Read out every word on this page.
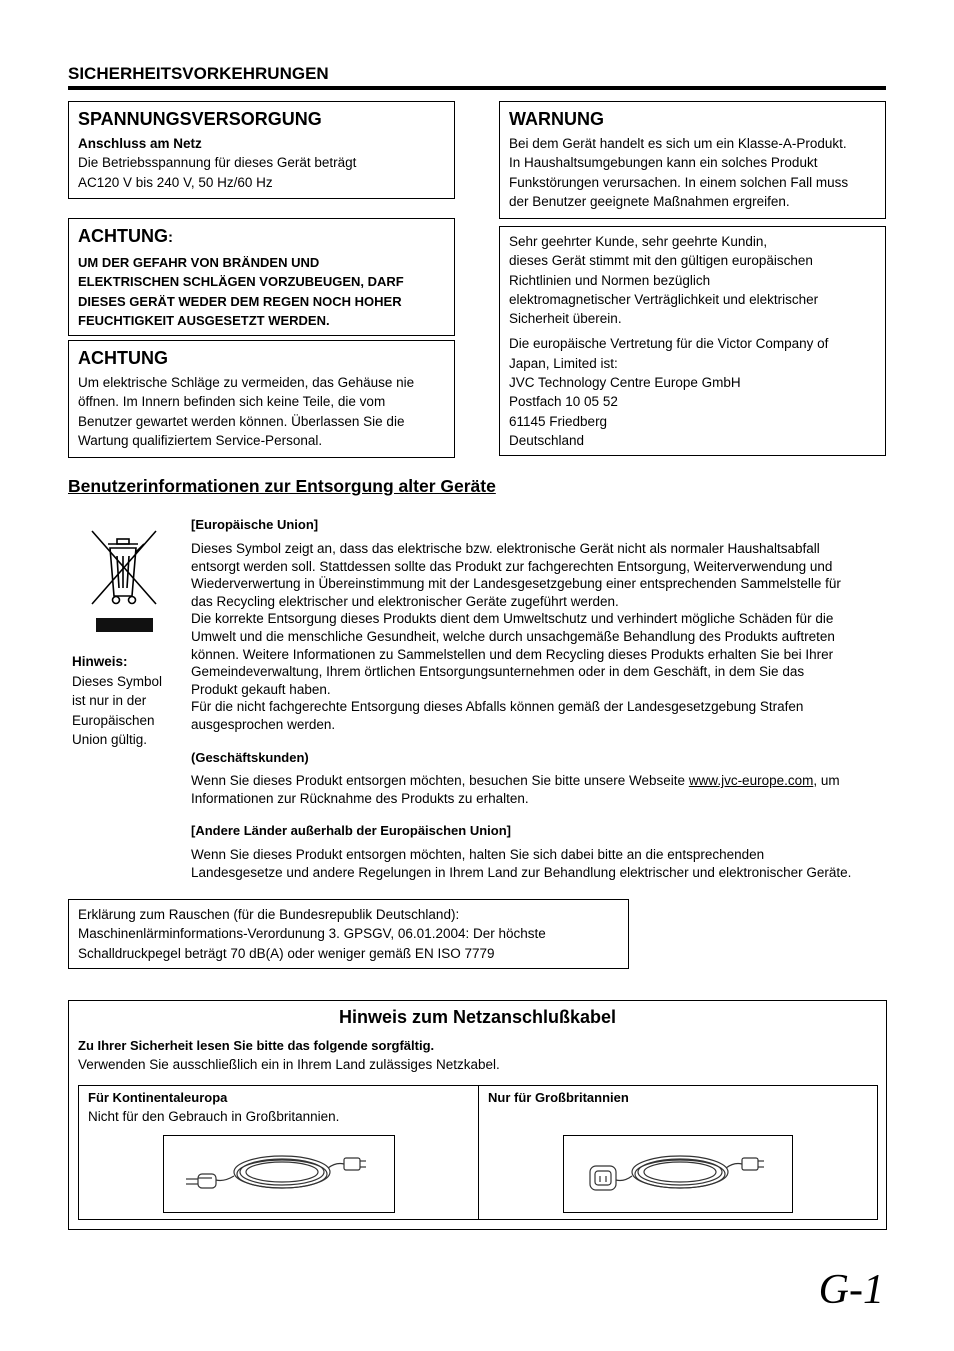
SICHERHEITSVORKEHRUNGEN
SPANNUNGSVERSORGUNG

Anschluss am Netz

Die Betriebsspannung für dieses Gerät beträgt

AC120 V bis 240 V, 50 Hz/60 Hz

WARNUNG

Bei dem Gerät handelt es sich um ein Klasse-A-Produkt.

In Haushaltsumgebungen kann ein solches Produkt

Funkstörungen verursachen. In einem solchen Fall muss

der Benutzer geeignete Maßnahmen ergreifen.

ACHTUNG:

UM DER GEFAHR VON BRÄNDEN UND

ELEKTRISCHEN SCHLÄGEN VORZUBEUGEN, DARF

DIESES GERÄT WEDER DEM REGEN NOCH HOHER

FEUCHTIGKEIT AUSGESETZT WERDEN.

ACHTUNG

Um elektrische Schläge zu vermeiden, das Gehäuse nie

öffnen. Im Innern befinden sich keine Teile, die vom

Benutzer gewartet werden können. Überlassen Sie die

Wartung qualifiziertem Service-Personal.

Sehr geehrter Kunde, sehr geehrte Kundin,

dieses Gerät stimmt mit den gültigen europäischen

Richtlinien und Normen bezüglich

elektromagnetischer Verträglichkeit und elektrischer

Sicherheit überein.

Die europäische Vertretung für die Victor Company of

Japan, Limited ist:

JVC Technology Centre Europe GmbH

Postfach 10 05 52

61145 Friedberg

Deutschland

Benutzerinformationen zur Entsorgung alter Geräte
Hinweis:
Dieses Symbol
ist nur in der
Europäischen
Union gültig.
[Europäische Union]
Dieses Symbol zeigt an, dass das elektrische bzw. elektronische Gerät nicht als normaler Haushaltsabfall
entsorgt werden soll. Stattdessen sollte das Produkt zur fachgerechten Entsorgung, Weiterverwendung und
Wiederverwertung in Übereinstimmung mit der Landesgesetzgebung einer entsprechenden Sammelstelle für
das Recycling elektrischer und elektronischer Geräte zugeführt werden.
Die korrekte Entsorgung dieses Produkts dient dem Umweltschutz und verhindert mögliche Schäden für die
Umwelt und die menschliche Gesundheit, welche durch unsachgemäße Behandlung des Produkts auftreten
können. Weitere Informationen zu Sammelstellen und dem Recycling dieses Produkts erhalten Sie bei Ihrer
Gemeindeverwaltung, Ihrem örtlichen Entsorgungsunternehmen oder in dem Geschäft, in dem Sie das
Produkt gekauft haben.
Für die nicht fachgerechte Entsorgung dieses Abfalls können gemäß der Landesgesetzgebung Strafen
ausgesprochen werden.
(Geschäftskunden)
Wenn Sie dieses Produkt entsorgen möchten, besuchen Sie bitte unsere Webseite www.jvc-europe.com, um
Informationen zur Rücknahme des Produkts zu erhalten.
[Andere Länder außerhalb der Europäischen Union]
Wenn Sie dieses Produkt entsorgen möchten, halten Sie sich dabei bitte an die entsprechenden
Landesgesetze und andere Regelungen in Ihrem Land zur Behandlung elektrischer und elektronischer Geräte.

Erklärung zum Rauschen (für die Bundesrepublik Deutschland):

Maschinenlärminformations-Verordunung 3. GPSGV, 06.01.2004: Der höchste

Schalldruckpegel beträgt 70 dB(A) oder weniger gemäß EN ISO 7779

Hinweis zum Netzanschlußkabel
Zu Ihrer Sicherheit lesen Sie bitte das folgende sorgfältig.
Verwenden Sie ausschließlich ein in Ihrem Land zulässiges Netzkabel.
Für Kontinentaleuropa
Nicht für den Gebrauch in Großbritannien.
Nur für Großbritannien
G-1
